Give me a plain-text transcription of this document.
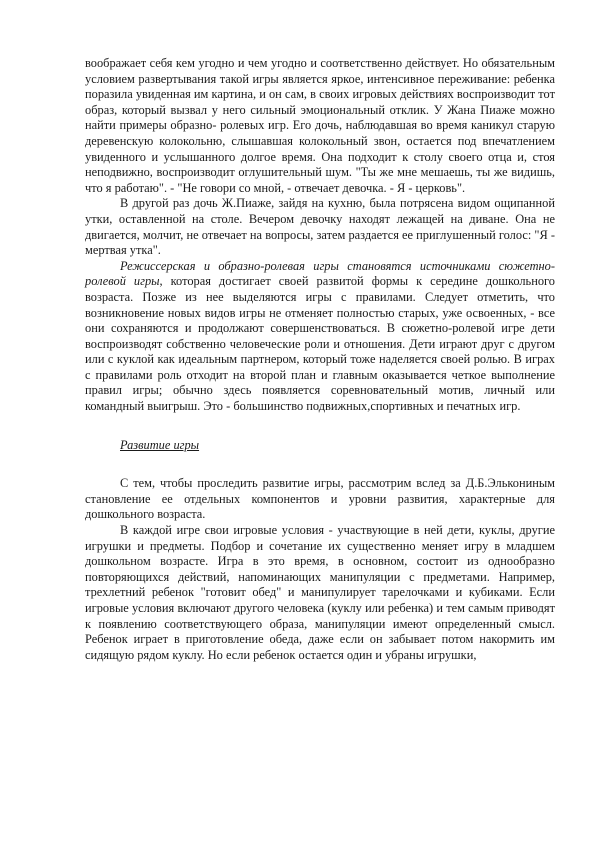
воображает себя кем угодно и чем угодно и соответственно действует. Но обязательным условием развертывания такой игры является яркое, интенсивное переживание: ребенка поразила увиденная им картина, и он сам, в своих игровых действиях воспроизводит тот образ, который вызвал у него сильный эмоциональный отклик. У Жана Пиаже можно найти примеры образно- ролевых игр. Его дочь, наблюдавшая во время каникул старую деревенскую колокольню, слышавшая колокольный звон, остается под впечатлением увиденного и услышанного долгое время. Она подходит к столу своего отца и, стоя неподвижно, воспроизводит оглушительный шум. "Ты же мне мешаешь, ты же видишь, что я работаю". - "Не говори со мной, - отвечает девочка. - Я - церковь".

В другой раз дочь Ж.Пиаже, зайдя на кухню, была потрясена видом ощипанной утки, оставленной на столе. Вечером девочку находят лежащей на диване. Она не двигается, молчит, не отвечает на вопросы, затем раздается ее приглушенный голос: "Я - мертвая утка".

Режиссерская и образно-ролевая игры становятся источниками сюжетно-ролевой игры, которая достигает своей развитой формы к середине дошкольного возраста. Позже из нее выделяются игры с правилами. Следует отметить, что возникновение новых видов игры не отменяет полностью старых, уже освоенных, - все они сохраняются и продолжают совершенствоваться. В сюжетно-ролевой игре дети воспроизводят собственно человеческие роли и отношения. Дети играют друг с другом или с куклой как идеальным партнером, который тоже наделяется своей ролью. В играх с правилами роль отходит на второй план и главным оказывается четкое выполнение правил игры; обычно здесь появляется соревновательный мотив, личный или командный выигрыш. Это - большинство подвижных,спортивных и печатных игр.

Развитие игры

С тем, чтобы проследить развитие игры, рассмотрим вслед за Д.Б.Элькониным становление ее отдельных компонентов и уровни развития, характерные для дошкольного возраста.

В каждой игре свои игровые условия - участвующие в ней дети, куклы, другие игрушки и предметы. Подбор и сочетание их существенно меняет игру в младшем дошкольном возрасте. Игра в это время, в основном, состоит из однообразно повторяющихся действий, напоминающих манипуляции с предметами. Например, трехлетний ребенок "готовит обед" и манипулирует тарелочками и кубиками. Если игровые условия включают другого человека (куклу или ребенка) и тем самым приводят к появлению соответствующего образа, манипуляции имеют определенный смысл. Ребенок играет в приготовление обеда, даже если он забывает потом накормить им сидящую рядом куклу. Но если ребенок остается один и убраны игрушки,
